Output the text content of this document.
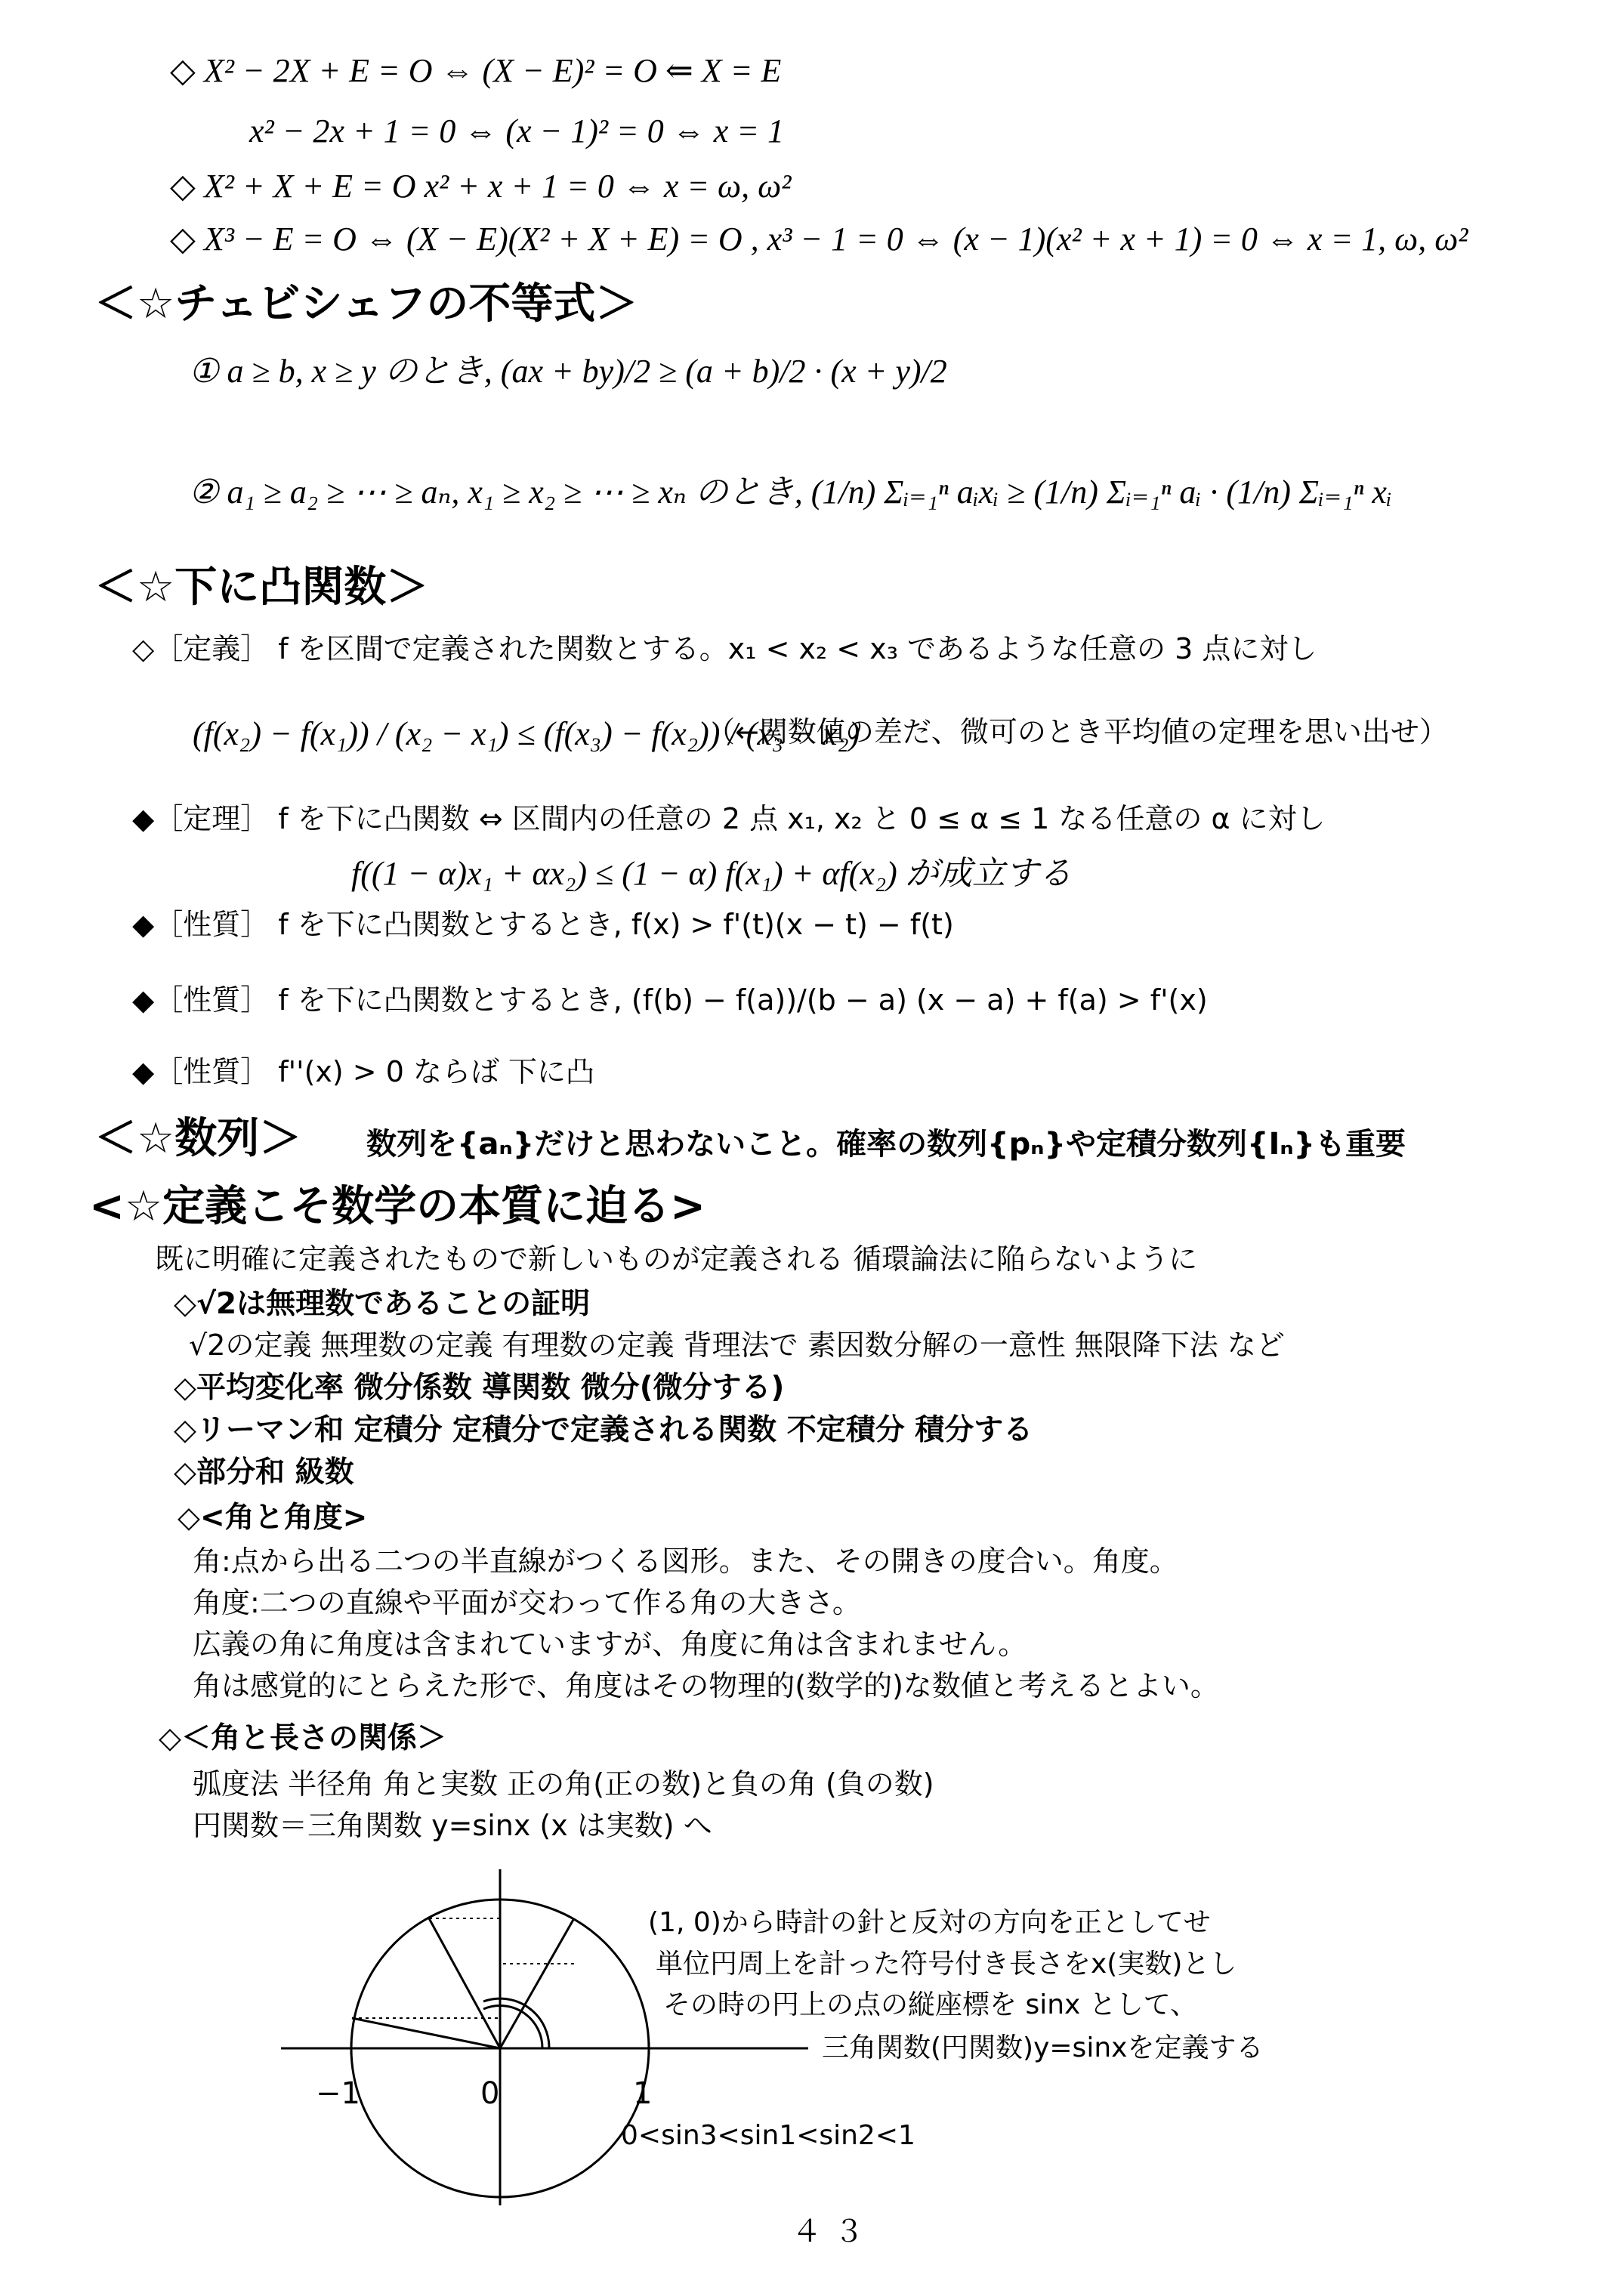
◇ X² − 2X + E = O ⇔ (X − E)² = O ⇐ X = E
x² − 2x + 1 = 0 ⇔ (x − 1)² = 0 ⇔ x = 1
◇ X² + X + E = O x² + x + 1 = 0 ⇔ x = ω, ω²
◇ X³ − E = O ⇔ (X − E)(X² + X + E) = O , x³ − 1 = 0 ⇔ (x − 1)(x² + x + 1) = 0 ⇔ x = 1, ω, ω²
＜☆チェビシェフの不等式＞
① a ≥ b, x ≥ y のとき, (ax + by)/2 ≥ (a + b)/2 · (x + y)/2
② a₁ ≥ a₂ ≥ ⋯ ≥ aₙ, x₁ ≥ x₂ ≥ ⋯ ≥ xₙ のとき, (1/n) Σᵢ₌₁ⁿ aᵢxᵢ ≥ (1/n) Σᵢ₌₁ⁿ aᵢ · (1/n) Σᵢ₌₁ⁿ xᵢ
＜☆下に凸関数＞
◇［定義］ f を区間で定義された関数とする。x₁ < x₂ < x₃ であるような任意の 3 点に対し
(f(x₂) − f(x₁)) / (x₂ − x₁) ≤ (f(x₃) − f(x₂)) / (x₃ − x₂)
（←関数値の差だ、微可のとき平均値の定理を思い出せ）
◆［定理］ f を下に凸関数 ⇔ 区間内の任意の 2 点 x₁, x₂ と 0 ≤ α ≤ 1 なる任意の α に対し
f((1 − α)x₁ + αx₂) ≤ (1 − α) f(x₁) + αf(x₂) が成立する
◆［性質］ f を下に凸関数とするとき, f(x) > f'(t)(x − t) − f(t)
◆［性質］ f を下に凸関数とするとき, (f(b) − f(a))/(b − a) (x − a) + f(a) > f'(x)
◆［性質］ f''(x) > 0 ならば 下に凸
＜☆数列＞ 数列を{aₙ}だけと思わないこと。確率の数列{pₙ}や定積分数列{Iₙ}も重要
<☆定義こそ数学の本質に迫る>
既に明確に定義されたもので新しいものが定義される 循環論法に陥らないように
◇√2は無理数であることの証明
√2の定義 無理数の定義 有理数の定義 背理法で 素因数分解の一意性 無限降下法 など
◇平均変化率 微分係数 導関数 微分(微分する)
◇リーマン和 定積分 定積分で定義される関数 不定積分 積分する
◇部分和 級数
◇<角と角度>
角:点から出る二つの半直線がつくる図形。また、その開きの度合い。角度。
角度:二つの直線や平面が交わって作る角の大きさ。
広義の角に角度は含まれていますが、角度に角は含まれません。
角は感覚的にとらえた形で、角度はその物理的(数学的)な数値と考えるとよい。
◇＜角と長さの関係＞
弧度法 半径角 角と実数 正の角(正の数)と負の角 (負の数)
円関数＝三角関数 y=sinx (x は実数) へ
−1	0	1
0<sin3<sin1<sin2<1
(1, 0)から時計の針と反対の方向を正としてせ
単位円周上を計った符号付き長さをx(実数)とし
その時の円上の点の縦座標を sinx として、
三角関数(円関数)y=sinxを定義する
４３
